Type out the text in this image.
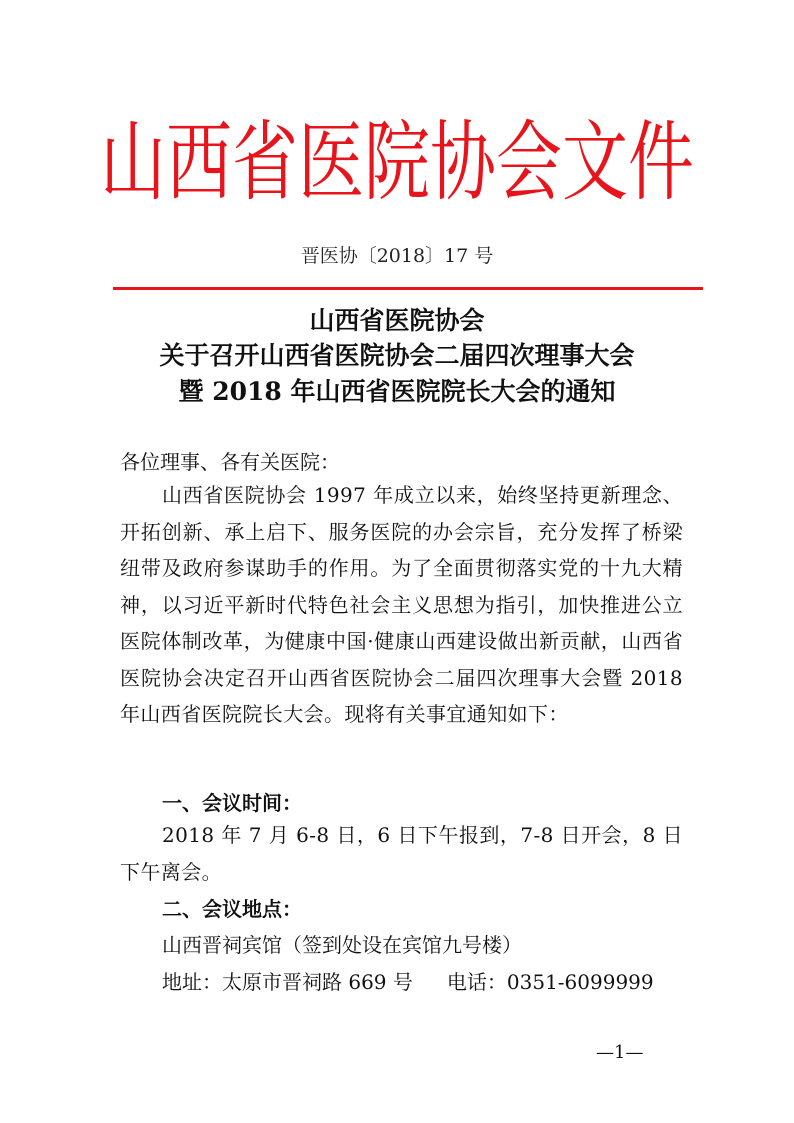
山西省医院协会文件
晋医协〔2018〕17 号
山西省医院协会
关于召开山西省医院协会二届四次理事大会
暨 2018 年山西省医院院长大会的通知
各位理事、各有关医院：
山西省医院协会 1997 年成立以来，始终坚持更新理念、开拓创新、承上启下、服务医院的办会宗旨，充分发挥了桥梁纽带及政府参谋助手的作用。为了全面贯彻落实党的十九大精神，以习近平新时代特色社会主义思想为指引，加快推进公立医院体制改革，为健康中国·健康山西建设做出新贡献，山西省医院协会决定召开山西省医院协会二届四次理事大会暨 2018 年山西省医院院长大会。现将有关事宜通知如下：
一、会议时间：
2018 年 7 月 6-8 日，6 日下午报到，7-8 日开会，8 日下午离会。
二、会议地点：
山西晋祠宾馆（签到处设在宾馆九号楼）
地址：太原市晋祠路 669 号 电话：0351-6099999
—1—
